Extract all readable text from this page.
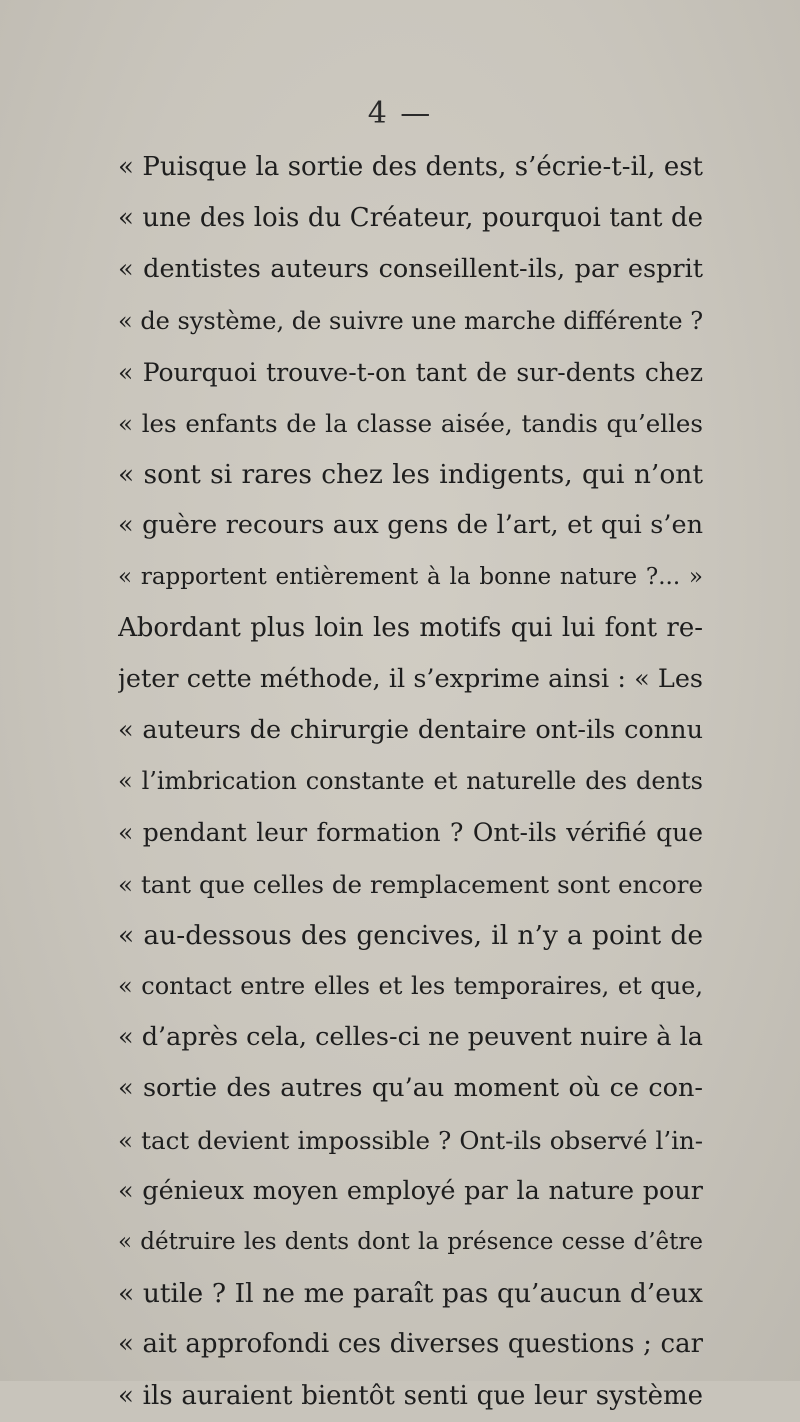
4 —
« Puisque la sortie des dents, s’écrie-t-il, est
« une des lois du Créateur, pourquoi tant de
« dentistes auteurs conseillent-ils, par esprit
« de système, de suivre une marche différente ?
« Pourquoi trouve-t-on tant de sur-dents chez
« les enfants de la classe aisée, tandis qu’elles
« sont si rares chez les indigents, qui n’ont
« guère recours aux gens de l’art, et qui s’en
« rapportent entièrement à la bonne nature ?... »
Abordant plus loin les motifs qui lui font re-
jeter cette méthode, il s’exprime ainsi : « Les
« auteurs de chirurgie dentaire ont-ils connu
« l’imbrication constante et naturelle des dents
« pendant leur formation ? Ont-ils vérifié que
« tant que celles de remplacement sont encore
« au-dessous des gencives, il n’y a point de
« contact entre elles et les temporaires, et que,
« d’après cela, celles-ci ne peuvent nuire à la
« sortie des autres qu’au moment où ce con-
« tact devient impossible ? Ont-ils observé l’in-
« génieux moyen employé par la nature pour
« détruire les dents dont la présence cesse d’être
« utile ? Il ne me paraît pas qu’aucun d’eux
« ait approfondi ces diverses questions ; car
« ils auraient bientôt senti que leur système
